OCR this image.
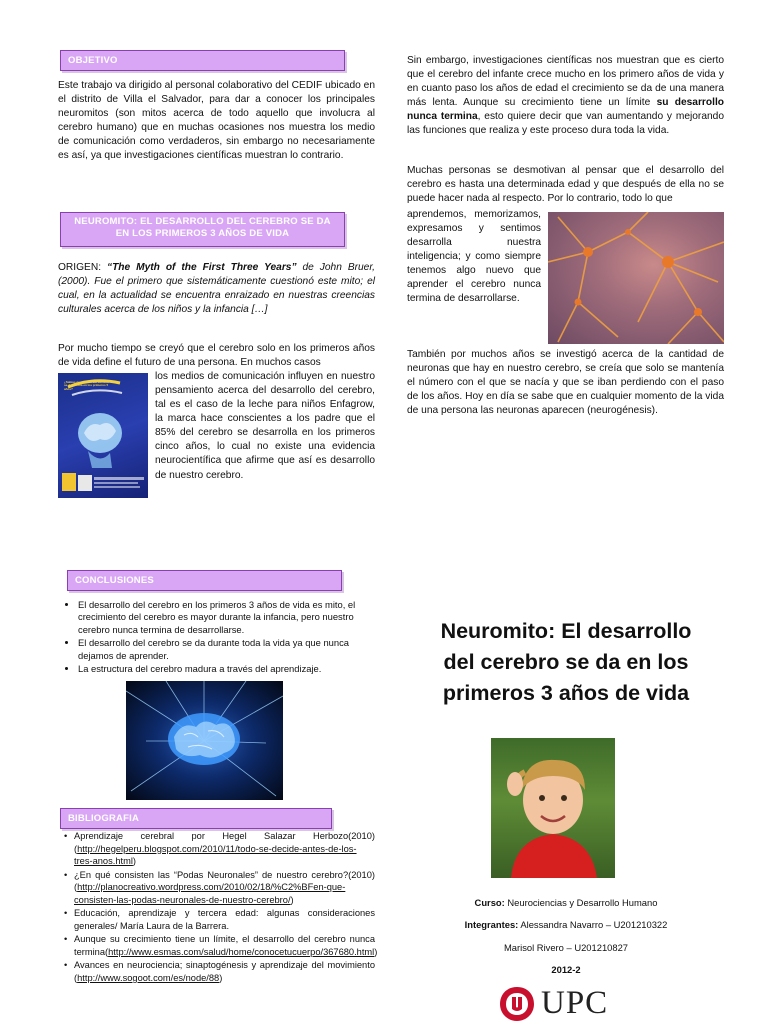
OBJETIVO

Este trabajo va dirigido al personal colaborativo del CEDIF ubicado en el distrito de Villa el Salvador, para dar a conocer los principales neuromitos (son mitos acerca de todo aquello que involucra al cerebro humano) que en muchas ocasiones nos muestra los medio de comunicación como verdaderos, sin embargo no necesariamente es así, ya que investigaciones científicas muestran lo contrario.

NEUROMITO: EL DESARROLLO DEL CEREBRO SE DA
EN LOS PRIMEROS 3 AÑOS DE VIDA

ORIGEN: “The Myth of the First Three Years” de John Bruer, (2000). Fue el primero que sistemáticamente cuestionó este mito; el cual, en la actualidad se encuentra enraizado en nuestras creencias culturales acerca de los niños y la infancia […]

Por mucho tiempo se creyó que el cerebro solo en los primeros años de vida define el futuro de una persona. En muchos casos

¿Sabías que el 85% del cerebro se desarrolla en los primeros 5 años?

los medios de comunicación influyen en nuestro pensamiento acerca del desarrollo del cerebro, tal es el caso de la leche para niños Enfagrow, la marca hace conscientes a los padre que el 85% del cerebro se desarrolla en los primeros cinco años, lo cual no existe una evidencia neurocientífica que afirme que así es desarrollo de nuestro cerebro.

Sin embargo, investigaciones científicas nos muestran que es cierto que el cerebro del infante crece mucho en los primero años de vida y en cuanto paso los años de edad el crecimiento se da de una manera más lenta. Aunque su crecimiento tiene un límite su desarrollo nunca termina, esto quiere decir que van aumentando y mejorando las funciones que realiza y este proceso dura toda la vida.

Muchas personas se desmotivan al pensar que el desarrollo del cerebro es hasta una determinada edad y que después de ella no se puede hacer nada al respecto. Por lo contrario, todo lo que

aprendemos, memorizamos, expresamos y sentimos desarrolla nuestra inteligencia; y como siempre tenemos algo nuevo que aprender el cerebro nunca termina de desarrollarse.

También por muchos años se investigó acerca de la cantidad de neuronas que hay en nuestro cerebro, se creía que solo se mantenía el número con el que se nacía y que se iban perdiendo con el paso de los años. Hoy en día se sabe que en cualquier momento de la vida de una persona las neuronas aparecen (neurogénesis).

CONCLUSIONES
• El desarrollo del cerebro en los primeros 3 años de vida es mito, el crecimiento del cerebro es mayor durante la infancia, pero nuestro cerebro nunca termina de desarrollarse.
• El desarrollo del cerebro se da durante toda la vida ya que nunca dejamos de aprender.
• La estructura del cerebro madura a través del aprendizaje.
BIBLIOGRAFIA
• Aprendizaje cerebral por Hegel Salazar Herbozo(2010) (http://hegelperu.blogspot.com/2010/11/todo-se-decide-antes-de-los-tres-anos.html)
• ¿En qué consisten las “Podas Neuronales” de nuestro cerebro?(2010)(http://planocreativo.wordpress.com/2010/02/18/%C2%BFen-que-consisten-las-podas-neuronales-de-nuestro-cerebro/)
• Educación, aprendizaje y tercera edad: algunas consideraciones generales/ María Laura de la Barrera.
• Aunque su crecimiento tiene un límite, el desarrollo del cerebro nunca termina(http://www.esmas.com/salud/home/conocetucuerpo/367680.html)
• Avances en neurociencia; sinaptogénesis y aprendizaje del movimiento (http://www.sogoot.com/es/node/88)
Neuromito: El desarrollo
del cerebro se da en los
primeros 3 años de vida

Curso: Neurociencias y Desarrollo Humano

Integrantes: Alessandra Navarro – U201210322

Marisol Rivero – U201210827

2012-2

UPC
